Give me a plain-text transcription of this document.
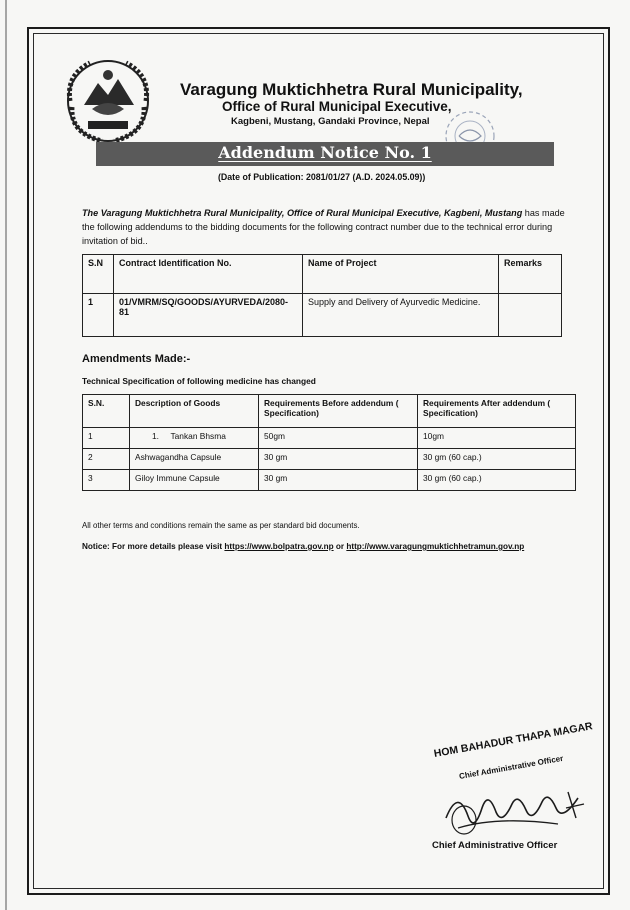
Varagung Muktichhetra Rural Municipality,
Office of Rural Municipal Executive,
Kagbeni, Mustang, Gandaki Province, Nepal
Addendum Notice No. 1
(Date of Publication: 2081/01/27 (A.D. 2024.05.09))
The Varagung Muktichhetra Rural Municipality, Office of Rural Municipal Executive, Kagbeni, Mustang has made the following addendums to the bidding documents for the following contract number due to the technical error during invitation of bid..
S.N	Contract Identification No.	Name of Project	Remarks
1	01/VMRM/SQ/GOODS/AYURVEDA/2080-81	Supply and Delivery of Ayurvedic Medicine.	
Amendments Made:-
Technical Specification of following medicine has changed
S.N.	Description of Goods	Requirements Before addendum ( Specification)	Requirements After addendum ( Specification)
1	1.     Tankan Bhsma	50gm	10gm
2	Ashwagandha Capsule	30 gm	30 gm (60 cap.)
3	Giloy Immune Capsule	30 gm	30 gm (60 cap.)
All other terms and conditions remain the same as per standard bid documents.
Notice: For more details please visit https://www.bolpatra.gov.np or http://www.varagungmuktichhetramun.gov.np
HOM BAHADUR THAPA MAGAR
Chief Administrative Officer
Chief Administrative Officer
